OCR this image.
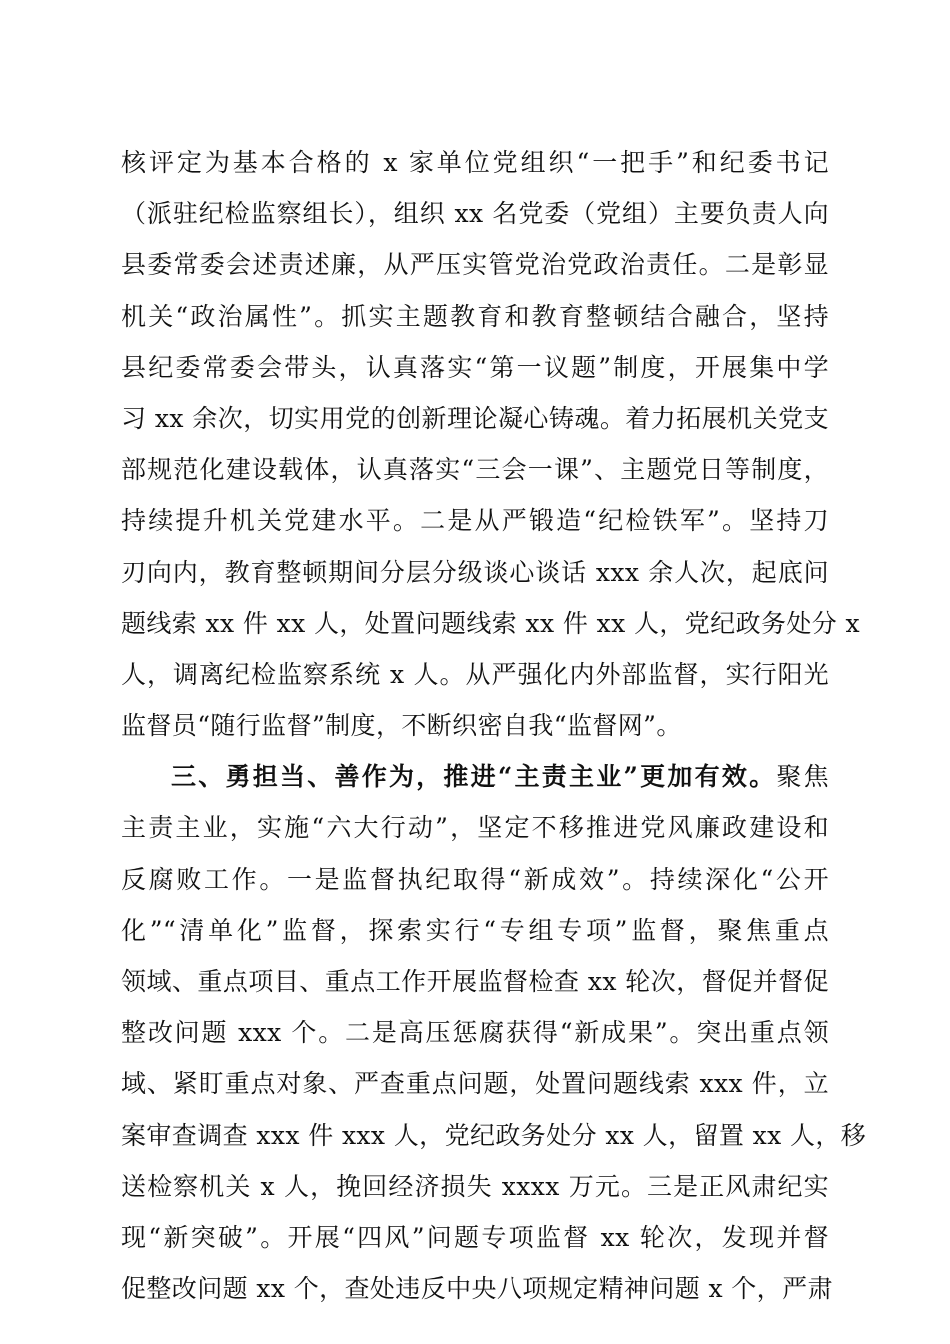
核评定为基本合格的 x 家单位党组织“一把手”和纪委书记
（派驻纪检监察组长），组织 xx 名党委（党组）主要负责人向
县委常委会述责述廉，从严压实管党治党政治责任。二是彰显
机关“政治属性”。抓实主题教育和教育整顿结合融合，坚持
县纪委常委会带头，认真落实“第一议题”制度，开展集中学
习 xx 余次，切实用党的创新理论凝心铸魂。着力拓展机关党支
部规范化建设载体，认真落实“三会一课”、主题党日等制度，
持续提升机关党建水平。二是从严锻造“纪检铁军”。坚持刀
刃向内，教育整顿期间分层分级谈心谈话 xxx 余人次，起底问
题线索 xx 件 xx 人，处置问题线索 xx 件 xx 人，党纪政务处分 x
人，调离纪检监察系统 x 人。从严强化内外部监督，实行阳光
监督员“随行监督”制度，不断织密自我“监督网”。
三、勇担当、善作为，推进“主责主业”更加有效。聚焦
主责主业，实施“六大行动”，坚定不移推进党风廉政建设和
反腐败工作。一是监督执纪取得“新成效”。持续深化“公开
化”“清单化”监督，探索实行“专组专项”监督，聚焦重点
领域、重点项目、重点工作开展监督检查 xx 轮次，督促并督促
整改问题 xxx 个。二是高压惩腐获得“新成果”。突出重点领
域、紧盯重点对象、严查重点问题，处置问题线索 xxx 件，立
案审查调查 xxx 件 xxx 人，党纪政务处分 xx 人，留置 xx 人，移
送检察机关 x 人，挽回经济损失 xxxx 万元。三是正风肃纪实
现“新突破”。开展“四风”问题专项监督 xx 轮次，发现并督
促整改问题 xx 个，查处违反中央八项规定精神问题 x 个，严肃
